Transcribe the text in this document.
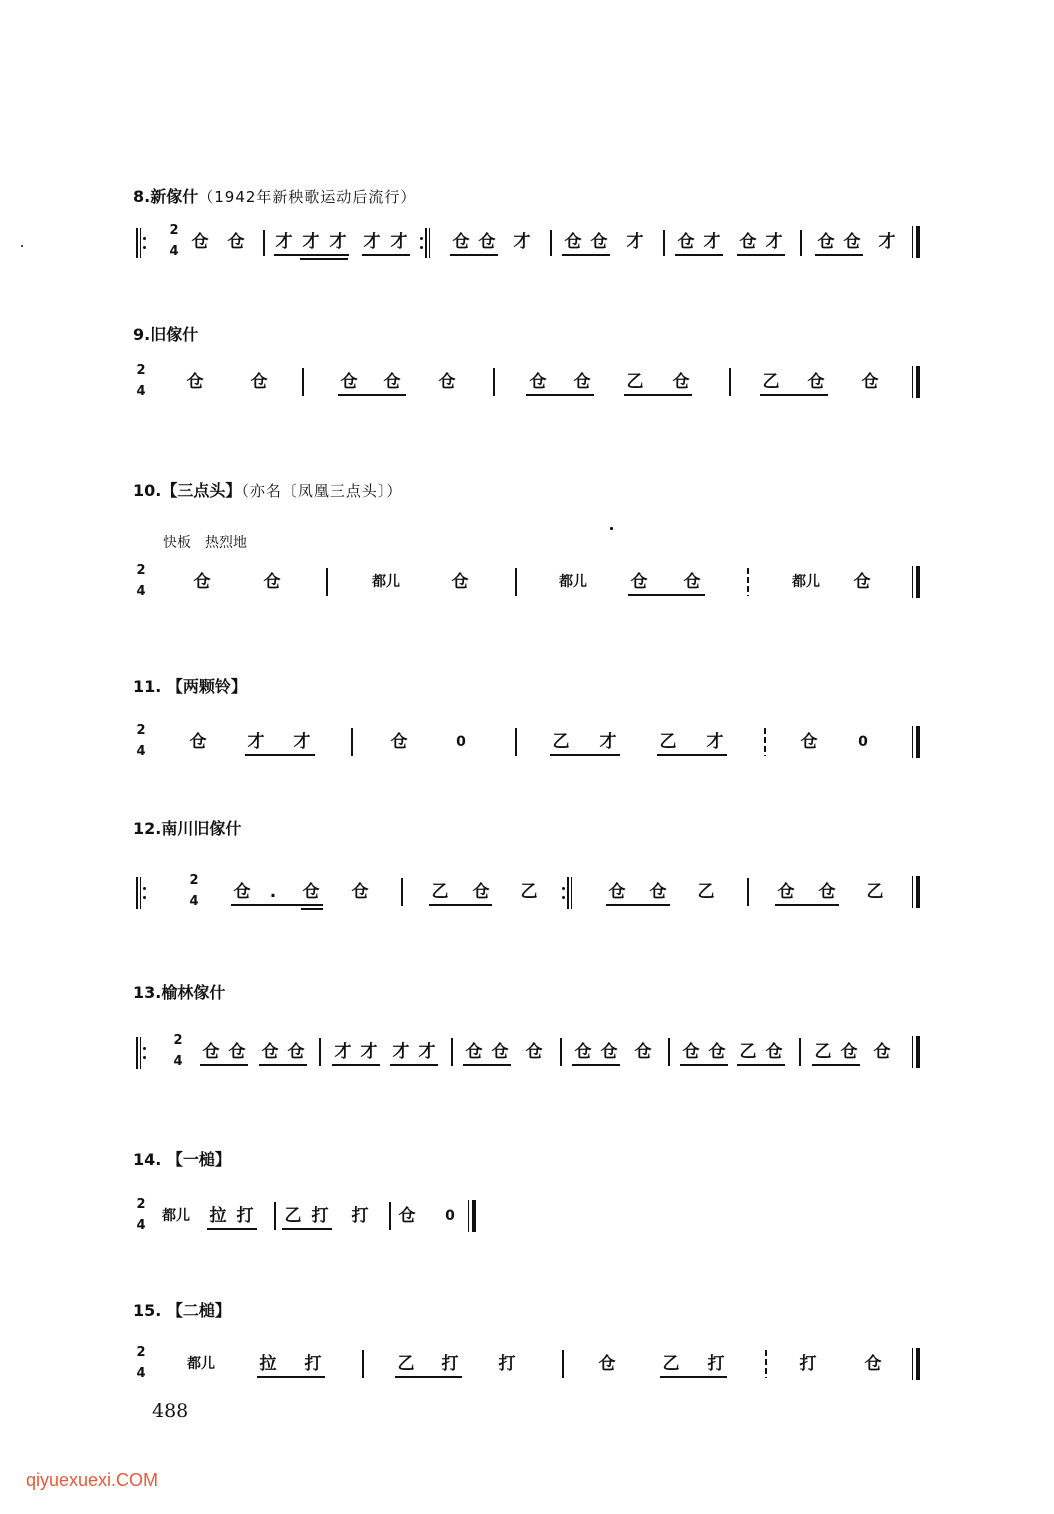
8.新傢什（1942年新秧歌运动后流行）
2
4 仓 仓 才 才 才 才 才	仓 仓 才 仓 仓 才 仓 才 仓 才 仓 仓 才
9.旧傢什
2
4 仓	仓	仓 仓 仓	仓 仓 乙 仓	乙 仓 仓
10.【三点头】（亦名〔凤凰三点头〕）
快板　热烈地
2
4	仓	仓	都儿	仓	都儿	仓 仓	都儿 仓
11. 【两颗铃】
2
4	仓 才 才	仓	0	乙 才	乙 才	仓	0
12.南川旧傢什
2
4 仓 . 仓 仓	乙 仓 乙	仓 仓 乙	仓 仓 乙
13.榆林傢什
2
4 仓 仓 仓 仓 才 才 才 才 仓 仓 仓 仓 仓 仓 仓 仓 乙 仓 乙 仓 仓
14. 【一槌】
2
4
都儿 拉 打 乙 打 打 仓 0
15. 【二槌】
2
4
都儿	拉 打	乙 打 打	仓	乙 打	打	仓
488
qiyuexuexi.COM
